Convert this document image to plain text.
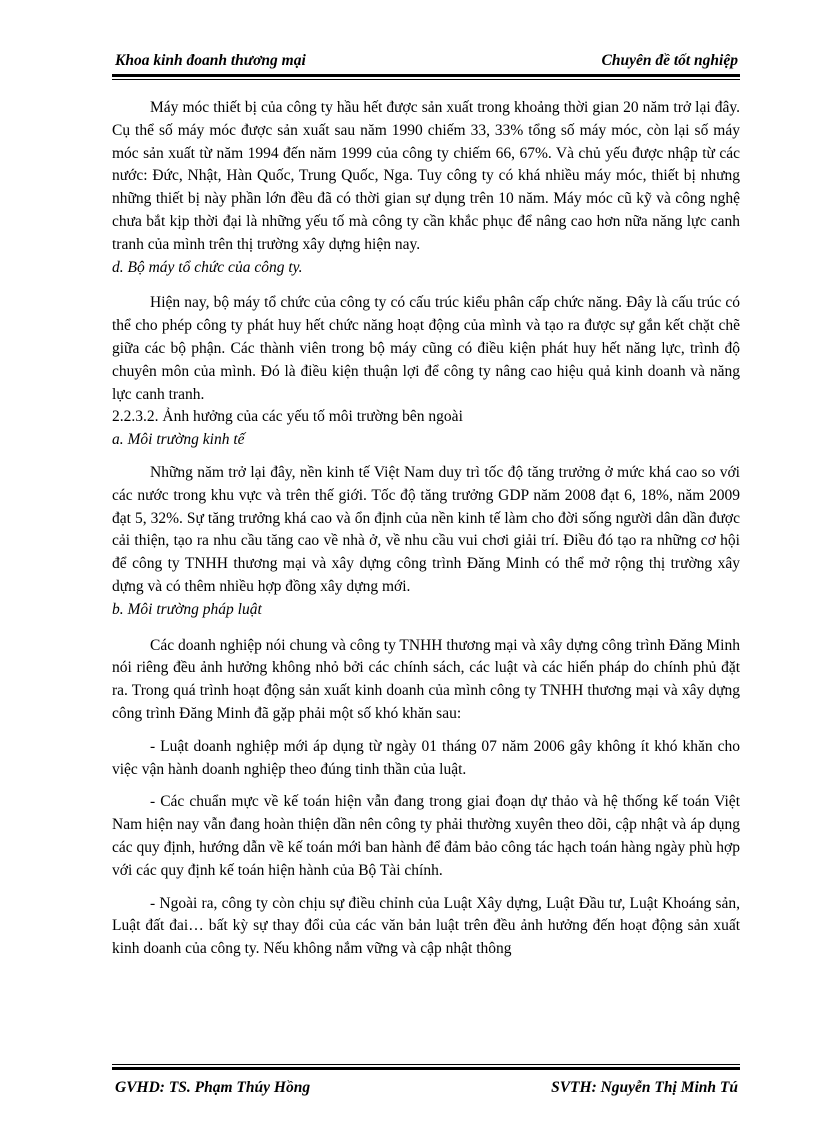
Khoa kinh đoanh thương mại	Chuyên đề tốt nghiệp

Máy móc thiết bị của công ty hầu hết được sản xuất trong khoảng thời gian 20 năm trở lại đây. Cụ thể số máy móc được sản xuất sau năm 1990 chiếm 33, 33% tổng số máy móc, còn lại số máy móc sản xuất từ năm 1994 đến năm 1999 của công ty chiếm 66, 67%. Và chủ yếu được nhập từ các nước: Đức, Nhật, Hàn Quốc, Trung Quốc, Nga. Tuy công ty có khá nhiều máy móc, thiết bị nhưng những thiết bị này phần lớn đều đã có thời gian sự dụng trên 10 năm. Máy móc cũ kỹ và công nghệ chưa bắt kịp thời đại là những yếu tố mà công ty cần khắc phục để nâng cao hơn nữa năng lực canh tranh của mình trên thị trường xây dựng hiện nay.

d. Bộ máy tổ chức của công ty.

Hiện nay, bộ máy tổ chức của công ty có cấu trúc kiểu phân cấp chức năng. Đây là cấu trúc có thể cho phép công ty phát huy hết chức năng hoạt động của mình và tạo ra được sự gắn kết chặt chẽ giữa các bộ phận. Các thành viên trong bộ máy cũng có điều kiện phát huy hết năng lực, trình độ chuyên môn của mình. Đó là điều kiện thuận lợi để công ty nâng cao hiệu quả kinh doanh và năng lực canh tranh.

2.2.3.2. Ảnh hưởng của các yếu tố môi trường bên ngoài

a. Môi trường kinh tế

Những năm trở lại đây, nền kinh tế Việt Nam duy trì tốc độ tăng trưởng ở mức khá cao so với các nước trong khu vực và trên thế giới. Tốc độ tăng trưởng GDP năm 2008 đạt 6, 18%, năm 2009 đạt 5, 32%. Sự tăng trưởng khá cao và ổn định của nền kinh tế làm cho đời sống người dân dần được cải thiện, tạo ra nhu cầu tăng cao về nhà ở, về nhu cầu vui chơi giải trí. Điều đó tạo ra những cơ hội để công ty TNHH thương mại và xây dựng công trình Đăng Minh có thể mở rộng thị trường xây dựng và có thêm nhiều hợp đồng xây dựng mới.

b. Môi trường pháp luật

Các doanh nghiệp nói chung và công ty TNHH thương mại và xây dựng công trình Đăng Minh nói riêng đều ảnh hưởng không nhỏ bởi các chính sách, các luật và các hiến pháp do chính phủ đặt ra. Trong quá trình hoạt động sản xuất kinh doanh của mình công ty TNHH thương mại và xây dựng công trình Đăng Minh đã gặp phải một số khó khăn sau:

- Luật doanh nghiệp mới áp dụng từ ngày 01 tháng 07 năm 2006 gây không ít khó khăn cho việc vận hành doanh nghiệp theo đúng tinh thần của luật.

- Các chuẩn mực về kế toán hiện vẫn đang trong giai đoạn dự thảo và hệ thống kế toán Việt Nam hiện nay vẫn đang hoàn thiện dần nên công ty phải thường xuyên theo dõi, cập nhật và áp dụng các quy định, hướng dẫn về kế toán mới ban hành để đảm bảo công tác hạch toán hàng ngày phù hợp với các quy định kế toán hiện hành của Bộ Tài chính.

- Ngoài ra, công ty còn chịu sự điều chỉnh của Luật Xây dựng, Luật Đầu tư, Luật Khoáng sản, Luật đất đai… bất kỳ sự thay đổi của các văn bản luật trên đều ảnh hưởng đến hoạt động sản xuất kinh doanh của công ty. Nếu không nắm vững và cập nhật thông

GVHD: TS. Phạm Thúy Hồng	SVTH: Nguyễn Thị Minh Tú
